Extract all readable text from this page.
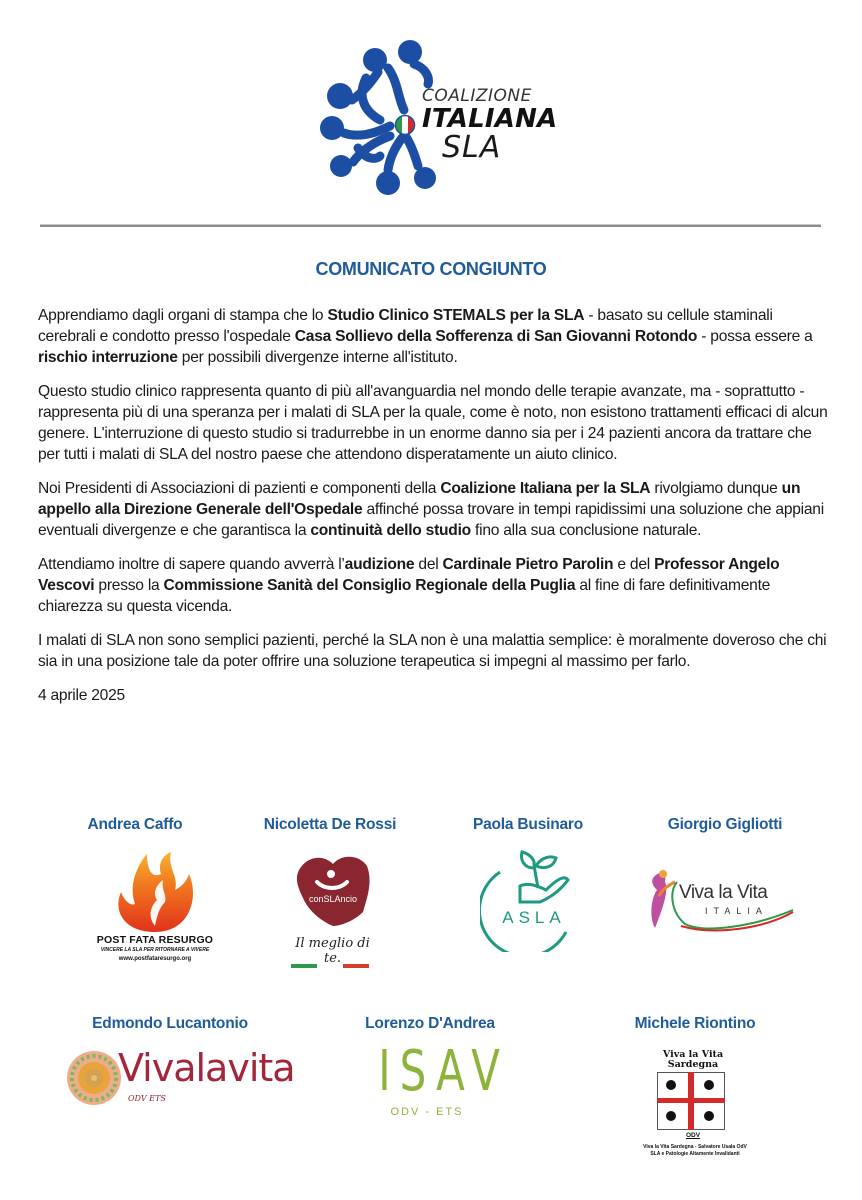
COALIZIONE
ITALIANA
SLA
COMUNICATO CONGIUNTO

Apprendiamo dagli organi di stampa che lo Studio Clinico STEMALS per la SLA - basato su cellule staminali cerebrali e condotto presso l'ospedale Casa Sollievo della Sofferenza di San Giovanni Rotondo - possa essere a rischio interruzione per possibili divergenze interne all'istituto.

Questo studio clinico rappresenta quanto di più all'avanguardia nel mondo delle terapie avanzate, ma - soprattutto - rappresenta più di una speranza per i malati di SLA per la quale, come è noto, non esistono trattamenti efficaci di alcun genere. L'interruzione di questo studio si tradurrebbe in un enorme danno sia per i 24 pazienti ancora da trattare che per tutti i malati di SLA del nostro paese che attendono disperatamente un aiuto clinico.

Noi Presidenti di Associazioni di pazienti e componenti della Coalizione Italiana per la SLA rivolgiamo dunque un appello alla Direzione Generale dell'Ospedale affinché possa trovare in tempi rapidissimi una soluzione che appiani eventuali divergenze e che garantisca la continuità dello studio fino alla sua conclusione naturale.

Attendiamo inoltre di sapere quando avverrà l’audizione del Cardinale Pietro Parolin e del Professor Angelo Vescovi presso la Commissione Sanità del Consiglio Regionale della Puglia al fine di fare definitivamente chiarezza su questa vicenda.

I malati di SLA non sono semplici pazienti, perché la SLA non è una malattia semplice: è moralmente doveroso che chi sia in una posizione tale da poter offrire una soluzione terapeutica si impegni al massimo per farlo.

4 aprile 2025

Andrea Caffo	Nicoletta De Rossi	Paola Businaro	Giorgio Gigliotti
POST FATA RESURGO
VINCERE LA SLA PER RITORNARE A VIVERE
www.postfataresurgo.org
conSLAncio
Il meglio di te.
ASLA
Viva la Vita
ITALIA
Edmondo Lucantonio	Lorenzo D'Andrea	Michele Riontino
Vivalavita
ODV ETS	ISAV
ODV - ETS
Viva la Vita
Sardegna
ODV
Viva la Vita Sardegna - Salvatore Usala OdV
SLA e Patologie Altamente Invalidanti
